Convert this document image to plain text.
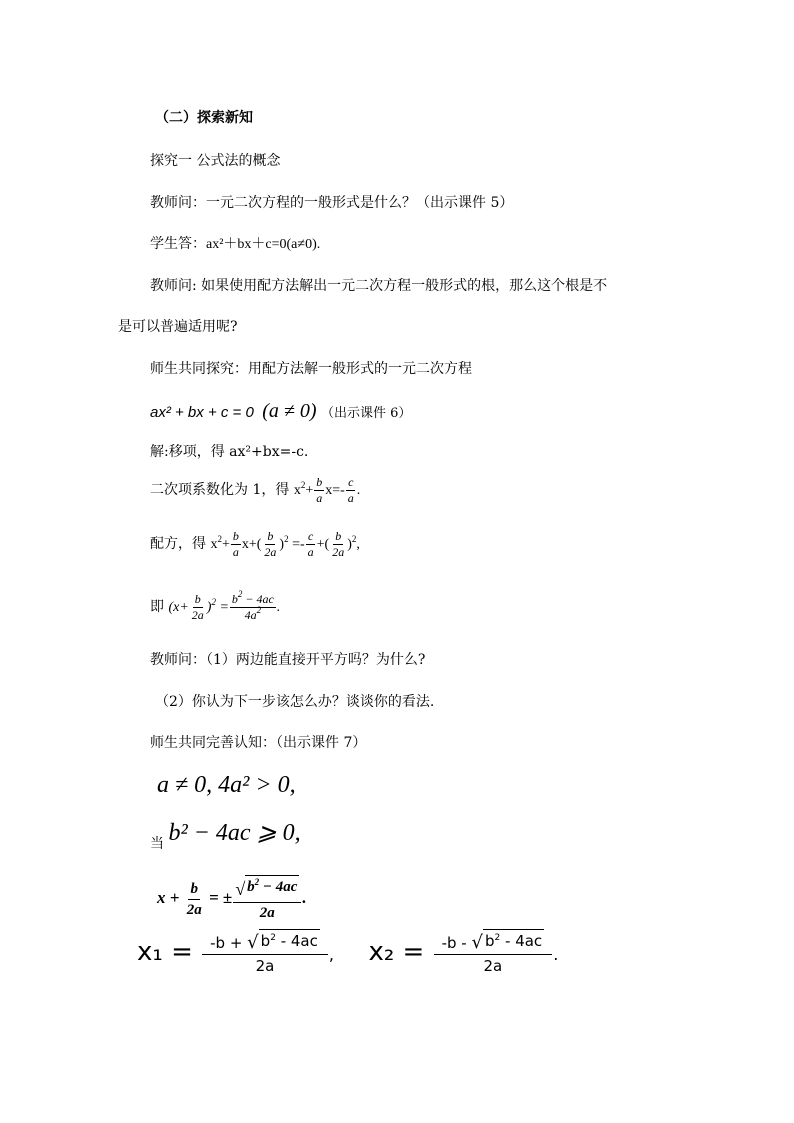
（二）探索新知
探究一 公式法的概念
教师问：一元二次方程的一般形式是什么？（出示课件 5）
学生答：ax²＋bx＋c=0(a≠0).
教师问: 如果使用配方法解出一元二次方程一般形式的根，那么这个根是不
是可以普遍适用呢?
师生共同探究：用配方法解一般形式的一元二次方程
ax² + bx + c = 0 (a ≠ 0) （出示课件 6）
解:移项，得 ax²+bx=-c.
二次项系数化为 1，得 $x^2+ \frac{b}{a} x=- \frac{c}{a}$ .
配方，得 $x^2+ \frac{b}{a} x+( \frac{b}{2a} )^2 =- \frac{c}{a}$ +( $\frac{b}{2a} )^2$,
即 $(x+ \frac{b}{2a} )^2 = \frac{b^2 - 4ac}{4a^2}$ .
教师问：（1）两边能直接开平方吗？为什么?
（2）你认为下一步该怎么办？谈谈你的看法.
师生共同完善认知：（出示课件 7）
a ≠ 0, 4a² > 0,
当 b² − 4ac ⩾ 0,
$x + \frac{b}{2a}$ = ± $\frac{√ b^2 - 4ac}{2a}$ .
$x_1 = \frac{-b + √ b^2 - 4ac}{2a}$ , $x_2 = \frac{-b - √ b^2 - 4ac}{2a}$ .
